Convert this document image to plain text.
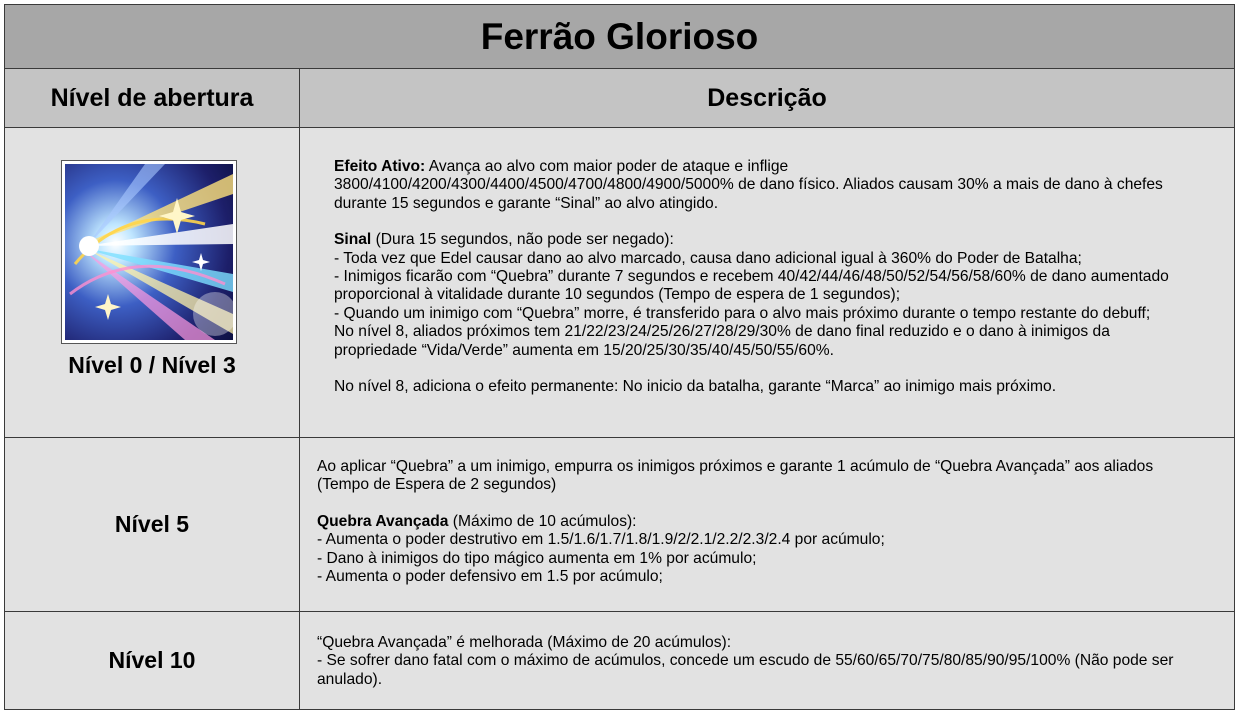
Ferrão Glorioso
Nível de abertura	Descrição
Nível 0 / Nível 3

Efeito Ativo: Avança ao alvo com maior poder de ataque e inflige
3800/4100/4200/4300/4400/4500/4700/4800/4900/5000% de dano físico. Aliados causam 30% a mais de dano à chefes
durante 15 segundos e garante “Sinal” ao alvo atingido.

Sinal (Dura 15 segundos, não pode ser negado):
- Toda vez que Edel causar dano ao alvo marcado, causa dano adicional igual à 360% do Poder de Batalha;
- Inimigos ficarão com “Quebra” durante 7 segundos e recebem 40/42/44/46/48/50/52/54/56/58/60% de dano aumentado
proporcional à vitalidade durante 10 segundos (Tempo de espera de 1 segundos);
- Quando um inimigo com “Quebra” morre, é transferido para o alvo mais próximo durante o tempo restante do debuff;
No nível 8, aliados próximos tem 21/22/23/24/25/26/27/28/29/30% de dano final reduzido e o dano à inimigos da
propriedade “Vida/Verde” aumenta em 15/20/25/30/35/40/45/50/55/60%.

No nível 8, adiciona o efeito permanente: No inicio da batalha, garante “Marca” ao inimigo mais próximo.

Nível 5

Ao aplicar “Quebra” a um inimigo, empurra os inimigos próximos e garante 1 acúmulo de “Quebra Avançada” aos aliados
(Tempo de Espera de 2 segundos)

Quebra Avançada (Máximo de 10 acúmulos):
- Aumenta o poder destrutivo em 1.5/1.6/1.7/1.8/1.9/2/2.1/2.2/2.3/2.4 por acúmulo;
- Dano à inimigos do tipo mágico aumenta em 1% por acúmulo;
- Aumenta o poder defensivo em 1.5 por acúmulo;

Nível 10

“Quebra Avançada” é melhorada (Máximo de 20 acúmulos):
- Se sofrer dano fatal com o máximo de acúmulos, concede um escudo de 55/60/65/70/75/80/85/90/95/100% (Não pode ser
anulado).
